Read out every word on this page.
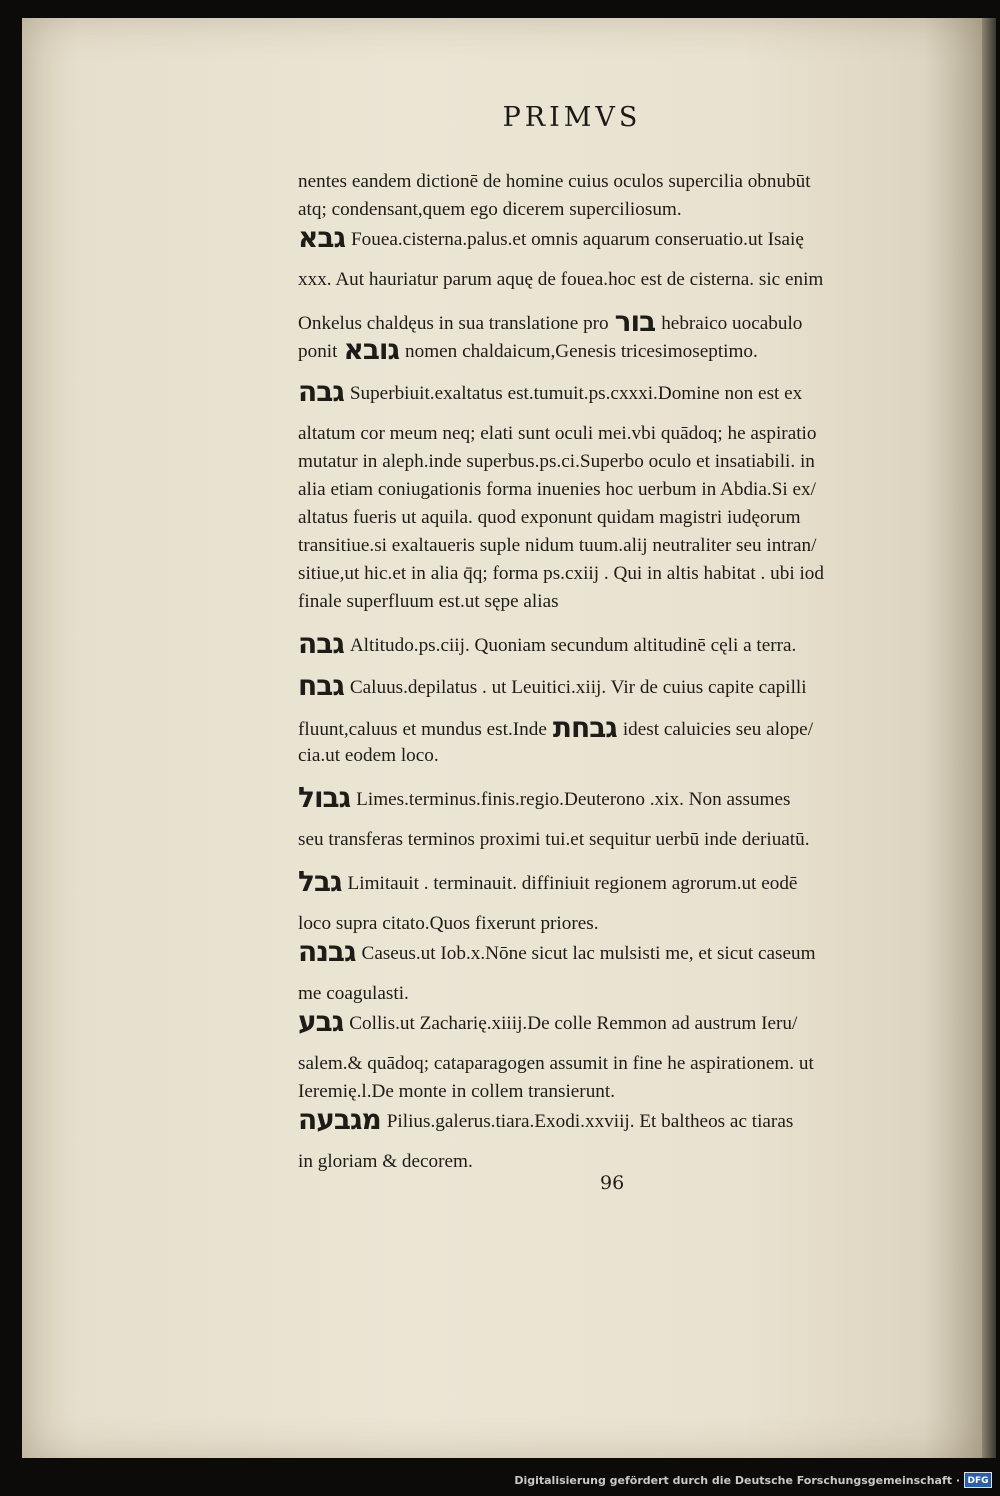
PRIMVS

nentes eandem dictionē de homine cuius oculos supercilia obnubūt

atq; condensant,quem ego dicerem superciliosum.

גבא Fouea.cisterna.palus.et omnis aquarum conseruatio.ut Isaię

xxx. Aut hauriatur parum aquę de fouea.hoc est de cisterna. sic enim

Onkelus chaldęus in sua translatione pro בור hebraico uocabulo

ponit גובא nomen chaldaicum,Genesis tricesimoseptimo.

גבה Superbiuit.exaltatus est.tumuit.ps.cxxxi.Domine non est ex

altatum cor meum neq; elati sunt oculi mei.vbi quādoq; he aspiratio

mutatur in aleph.inde superbus.ps.ci.Superbo oculo et insatiabili. in

alia etiam coniugationis forma inuenies hoc uerbum in Abdia.Si ex/

altatus fueris ut aquila. quod exponunt quidam magistri iudęorum

transitiue.si exaltaueris suple nidum tuum.alij neutraliter seu intran/

sitiue,ut hic.et in alia q̄q; forma ps.cxiij . Qui in altis habitat . ubi iod

finale superfluum est.ut sępe alias

גבה Altitudo.ps.ciij. Quoniam secundum altitudinē cęli a terra.

גבח Caluus.depilatus . ut Leuitici.xiij. Vir de cuius capite capilli

fluunt,caluus et mundus est.Inde גבחת idest caluicies seu alope/

cia.ut eodem loco.

גבול Limes.terminus.finis.regio.Deuterono .xix. Non assumes

seu transferas terminos proximi tui.et sequitur uerbū inde deriuatū.

גבל Limitauit . terminauit. diffiniuit regionem agrorum.ut eodē

loco supra citato.Quos fixerunt priores.

גבנה Caseus.ut Iob.x.Nōne sicut lac mulsisti me, et sicut caseum

me coagulasti.

גבע Collis.ut Zacharię.xiiij.De colle Remmon ad austrum Ieru/

salem.& quādoq; cataparagogen assumit in fine he aspirationem. ut

Ieremię.l.De monte in collem transierunt.

מגבעה Pilius.galerus.tiara.Exodi.xxviij. Et baltheos ac tiaras

in gloriam & decorem.

96
Digitalisierung gefördert durch die Deutsche Forschungsgemeinschaft · DFG
